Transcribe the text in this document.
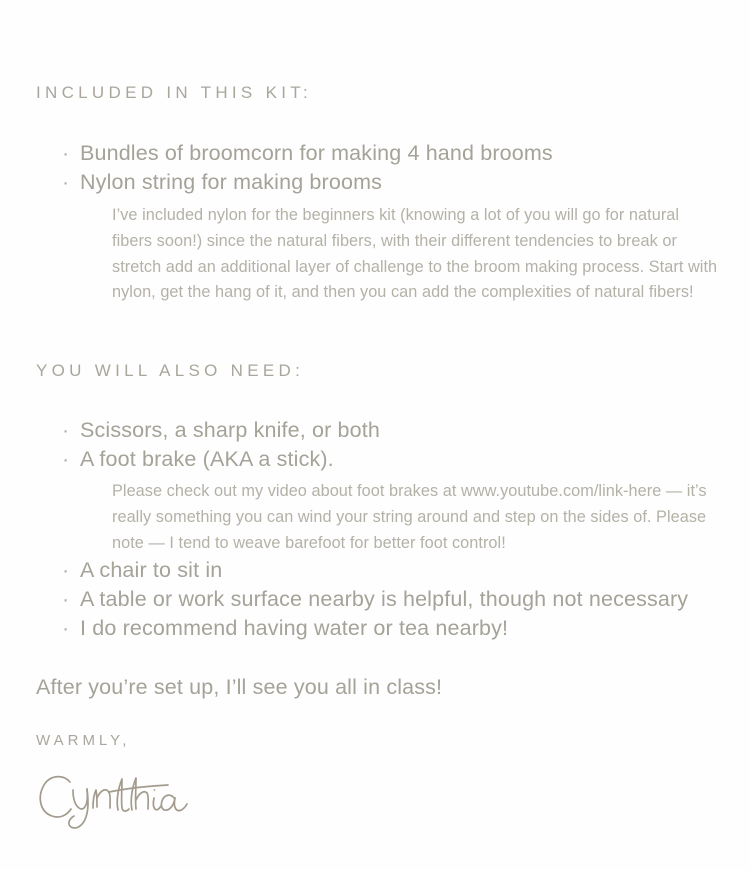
INCLUDED IN THIS KIT:
· Bundles of broomcorn for making 4 hand brooms
· Nylon string for making brooms

I’ve included nylon for the beginners kit (knowing a lot of you will go for natural fibers soon!) since the natural fibers, with their different tendencies to break or stretch add an additional layer of challenge to the broom making process. Start with nylon, get the hang of it, and then you can add the complexities of natural fibers!

YOU WILL ALSO NEED:
· Scissors, a sharp knife, or both
· A foot brake (AKA a stick).

Please check out my video about foot brakes at www.youtube.com/link-here — it’s really something you can wind your string around and step on the sides of. Please note — I tend to weave barefoot for better foot control!

· A chair to sit in
· A table or work surface nearby is helpful, though not necessary
· I do recommend having water or tea nearby!
After you’re set up, I’ll see you all in class!
WARMLY,
